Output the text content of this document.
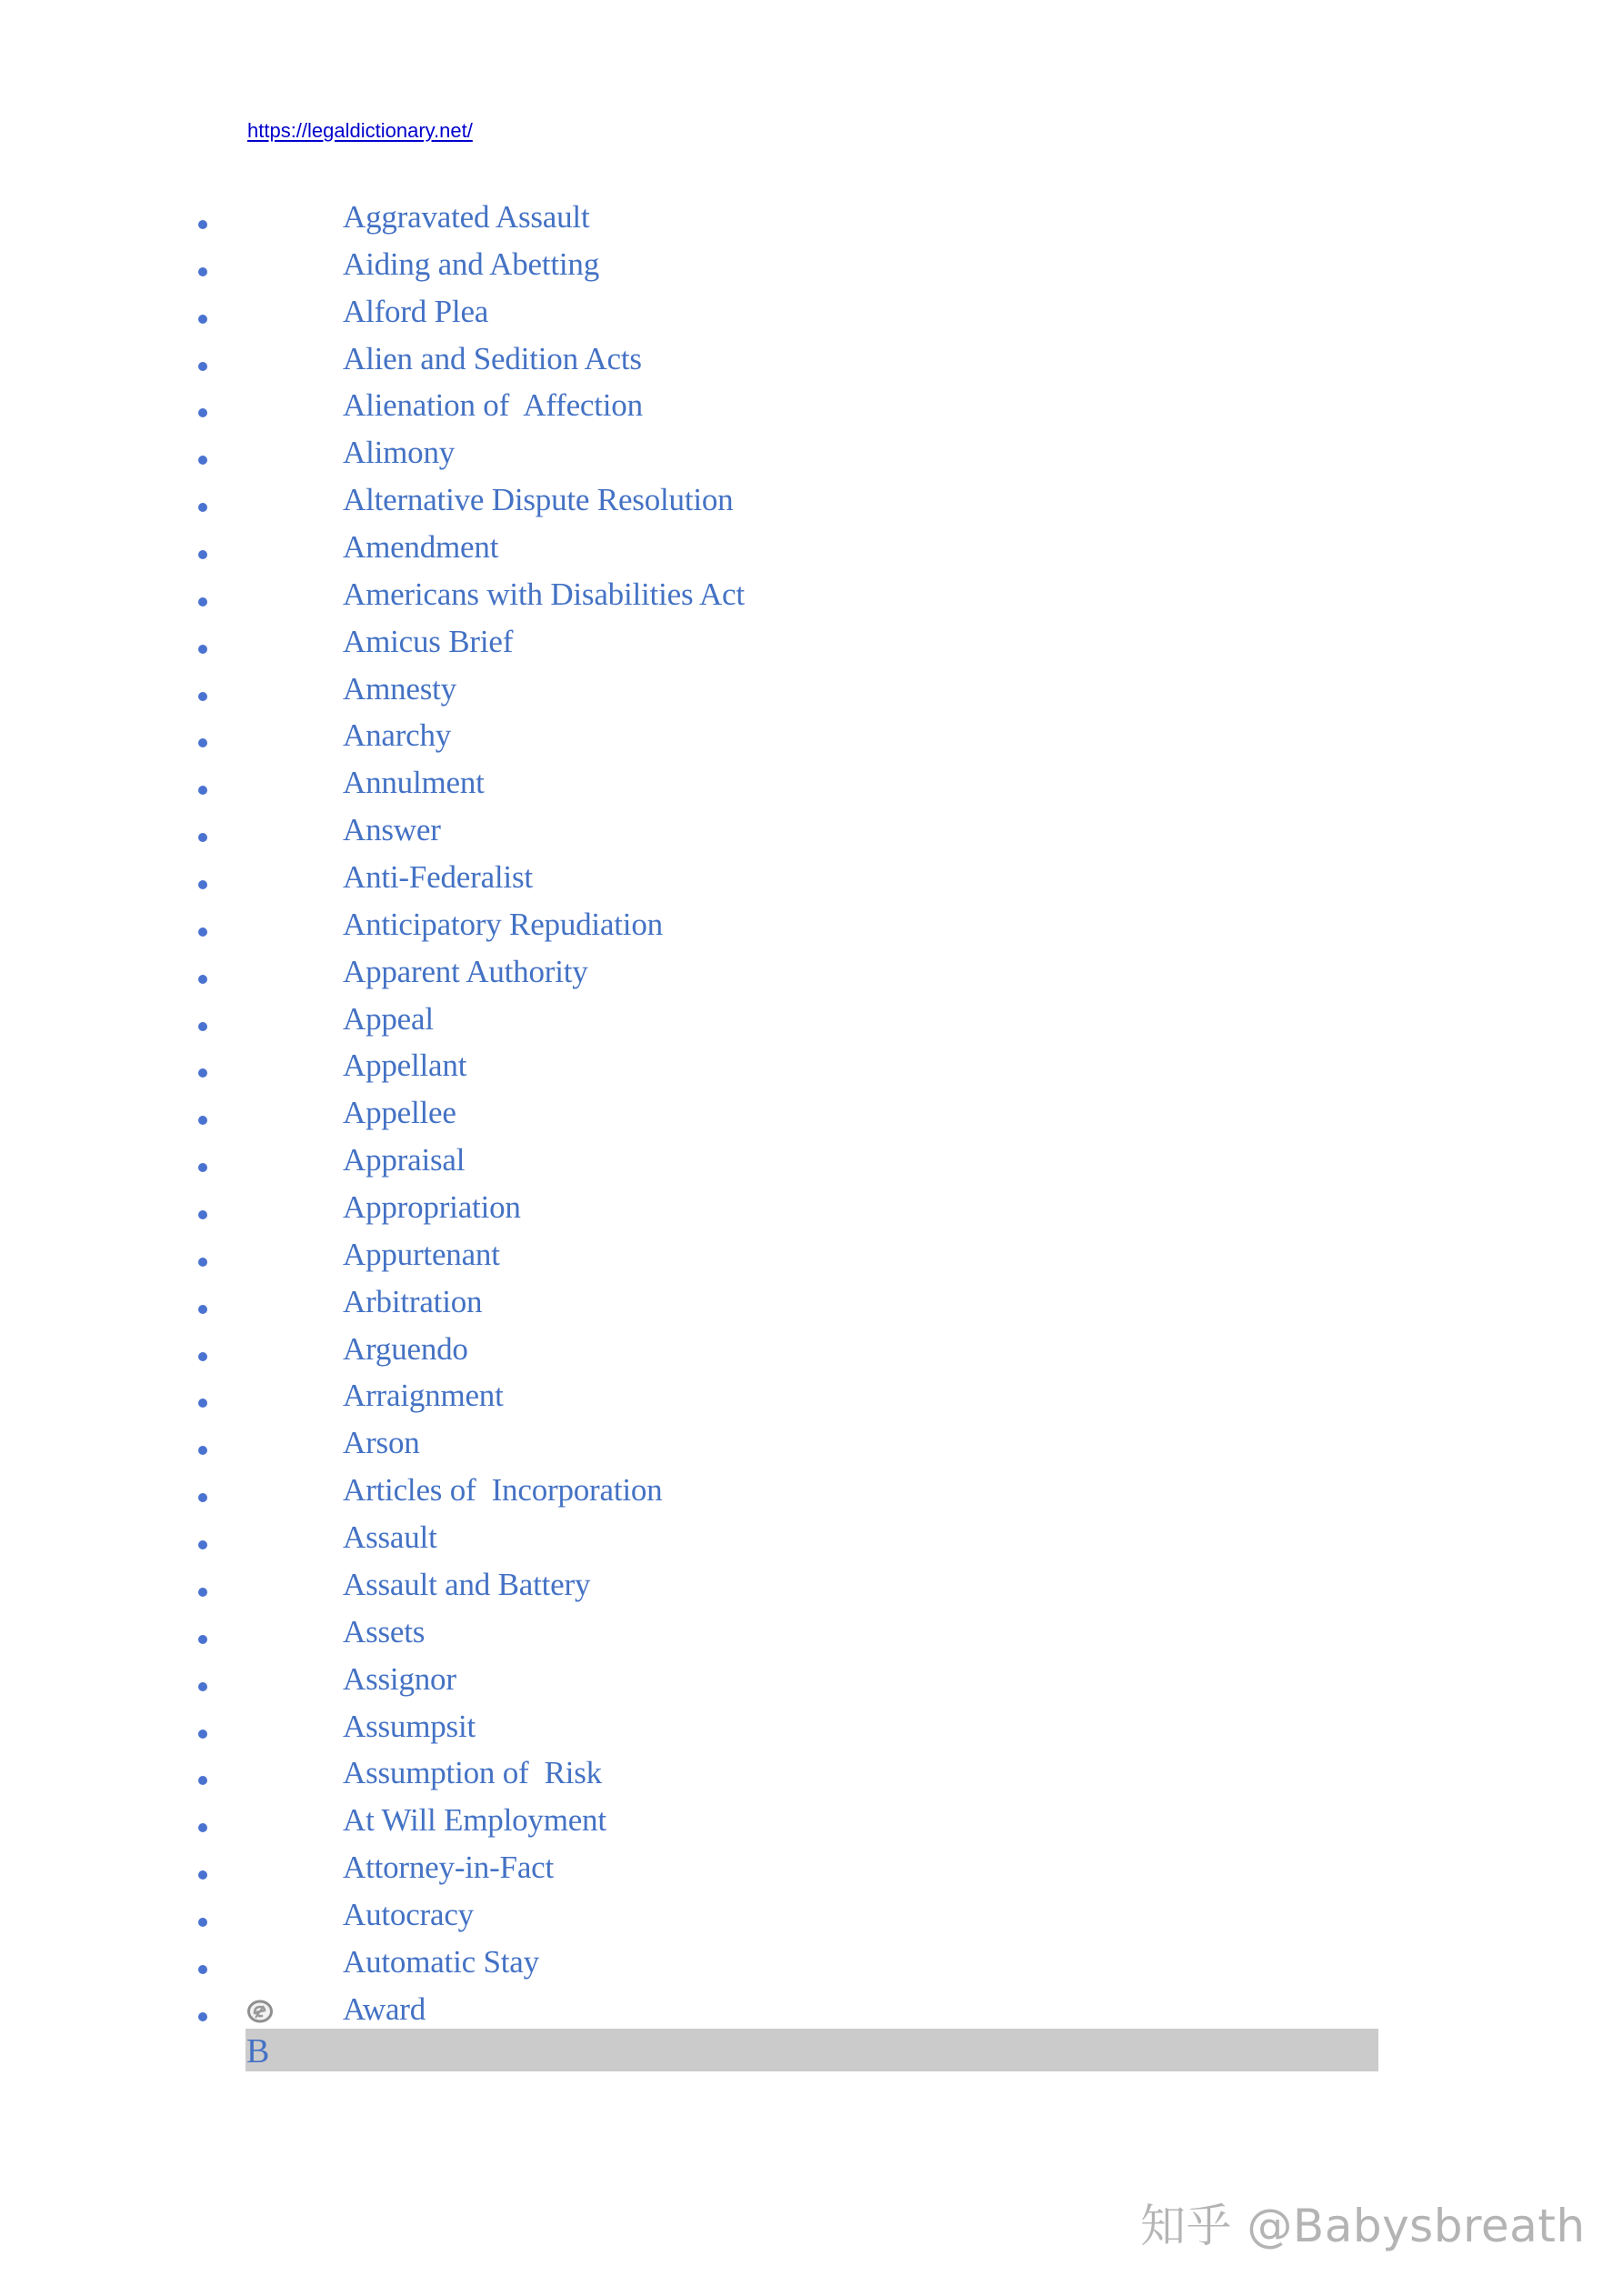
https://legaldictionary.net/
Aggravated Assault
Aiding and Abetting
Alford Plea
Alien and Sedition Acts
Alienation of  Affection
Alimony
Alternative Dispute Resolution
Amendment
Americans with Disabilities Act
Amicus Brief
Amnesty
Anarchy
Annulment
Answer
Anti-Federalist
Anticipatory Repudiation
Apparent Authority
Appeal
Appellant
Appellee
Appraisal
Appropriation
Appurtenant
Arbitration
Arguendo
Arraignment
Arson
Articles of  Incorporation
Assault
Assault and Battery
Assets
Assignor
Assumpsit
Assumption of  Risk
At Will Employment
Attorney-in-Fact
Autocracy
Automatic Stay
Award
B
知乎 @Babysbreath
